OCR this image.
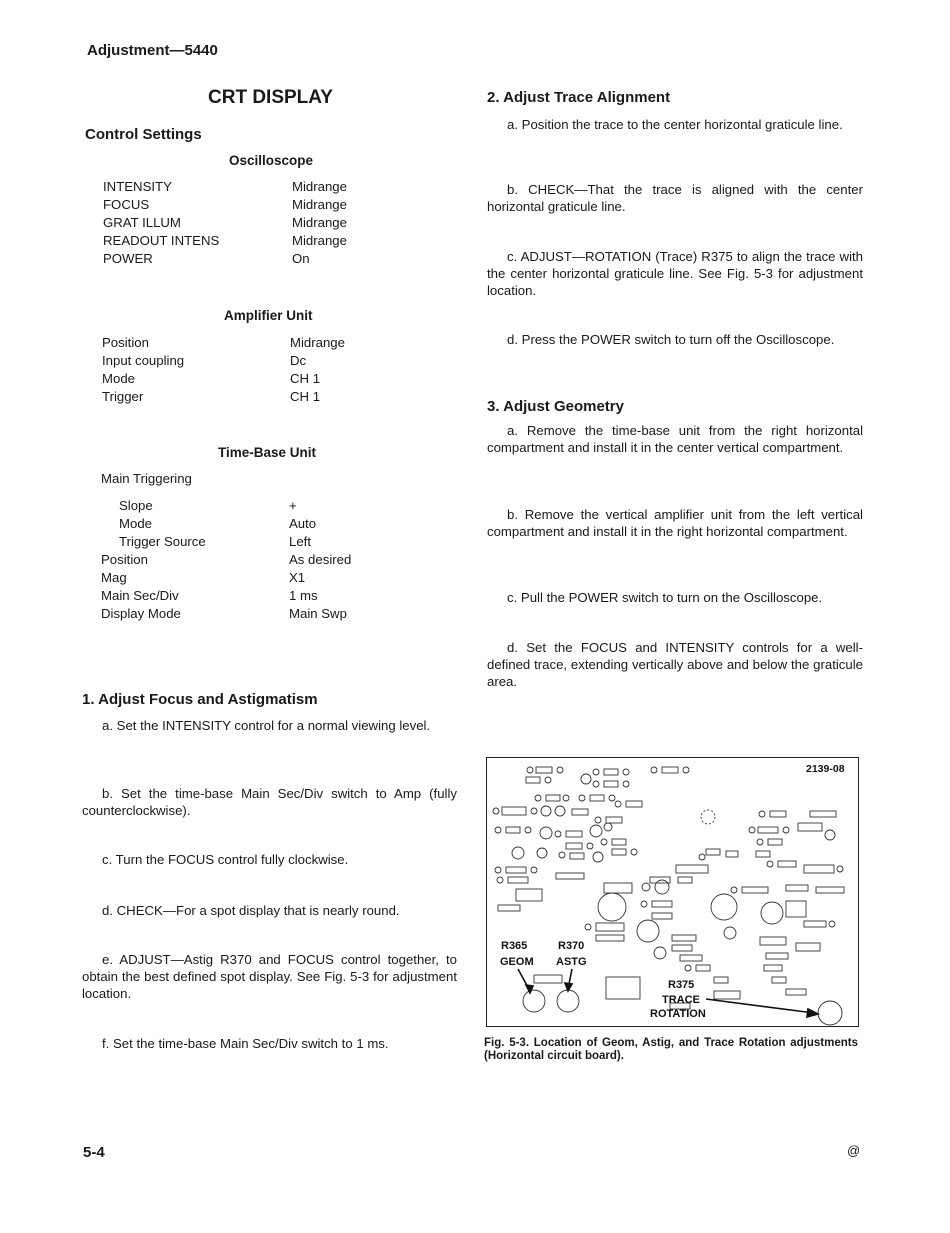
Adjustment—5440
CRT DISPLAY
Control Settings
Oscilloscope
INTENSITY	Midrange
FOCUS	Midrange
GRAT ILLUM	Midrange
READOUT INTENS	Midrange
POWER	On
Amplifier Unit
Position	Midrange
Input coupling	Dc
Mode	CH 1
Trigger	CH 1
Time-Base Unit
Main Triggering
Slope	+
Mode	Auto
Trigger Source	Left
Position	As desired
Mag	X1
Main Sec/Div	1 ms
Display Mode	Main Swp
1. Adjust Focus and Astigmatism
a. Set the INTENSITY control for a normal viewing level.
b. Set the time-base Main Sec/Div switch to Amp (fully counterclockwise).
c. Turn the FOCUS control fully clockwise.
d. CHECK—For a spot display that is nearly round.
e. ADJUST—Astig R370 and FOCUS control together, to obtain the best defined spot display. See Fig. 5-3 for adjustment location.
f. Set the time-base Main Sec/Div switch to 1 ms.
2. Adjust Trace Alignment
a. Position the trace to the center horizontal graticule line.
b. CHECK—That the trace is aligned with the center horizontal graticule line.
c. ADJUST—ROTATION (Trace) R375 to align the trace with the center horizontal graticule line. See Fig. 5-3 for adjustment location.
d. Press the POWER switch to turn off the Oscilloscope.
3. Adjust Geometry
a. Remove the time-base unit from the right horizontal compartment and install it in the center vertical compartment.
b. Remove the vertical amplifier unit from the left vertical compartment and install it in the right horizontal compartment.
c. Pull the POWER switch to turn on the Oscilloscope.
d. Set the FOCUS and INTENSITY controls for a well-defined trace, extending vertically above and below the graticule area.
2139-08
R365
GEOM
R370
ASTG
R375
TRACE
ROTATION
Fig. 5-3. Location of Geom, Astig, and Trace Rotation adjustments (Horizontal circuit board).
5-4	@
